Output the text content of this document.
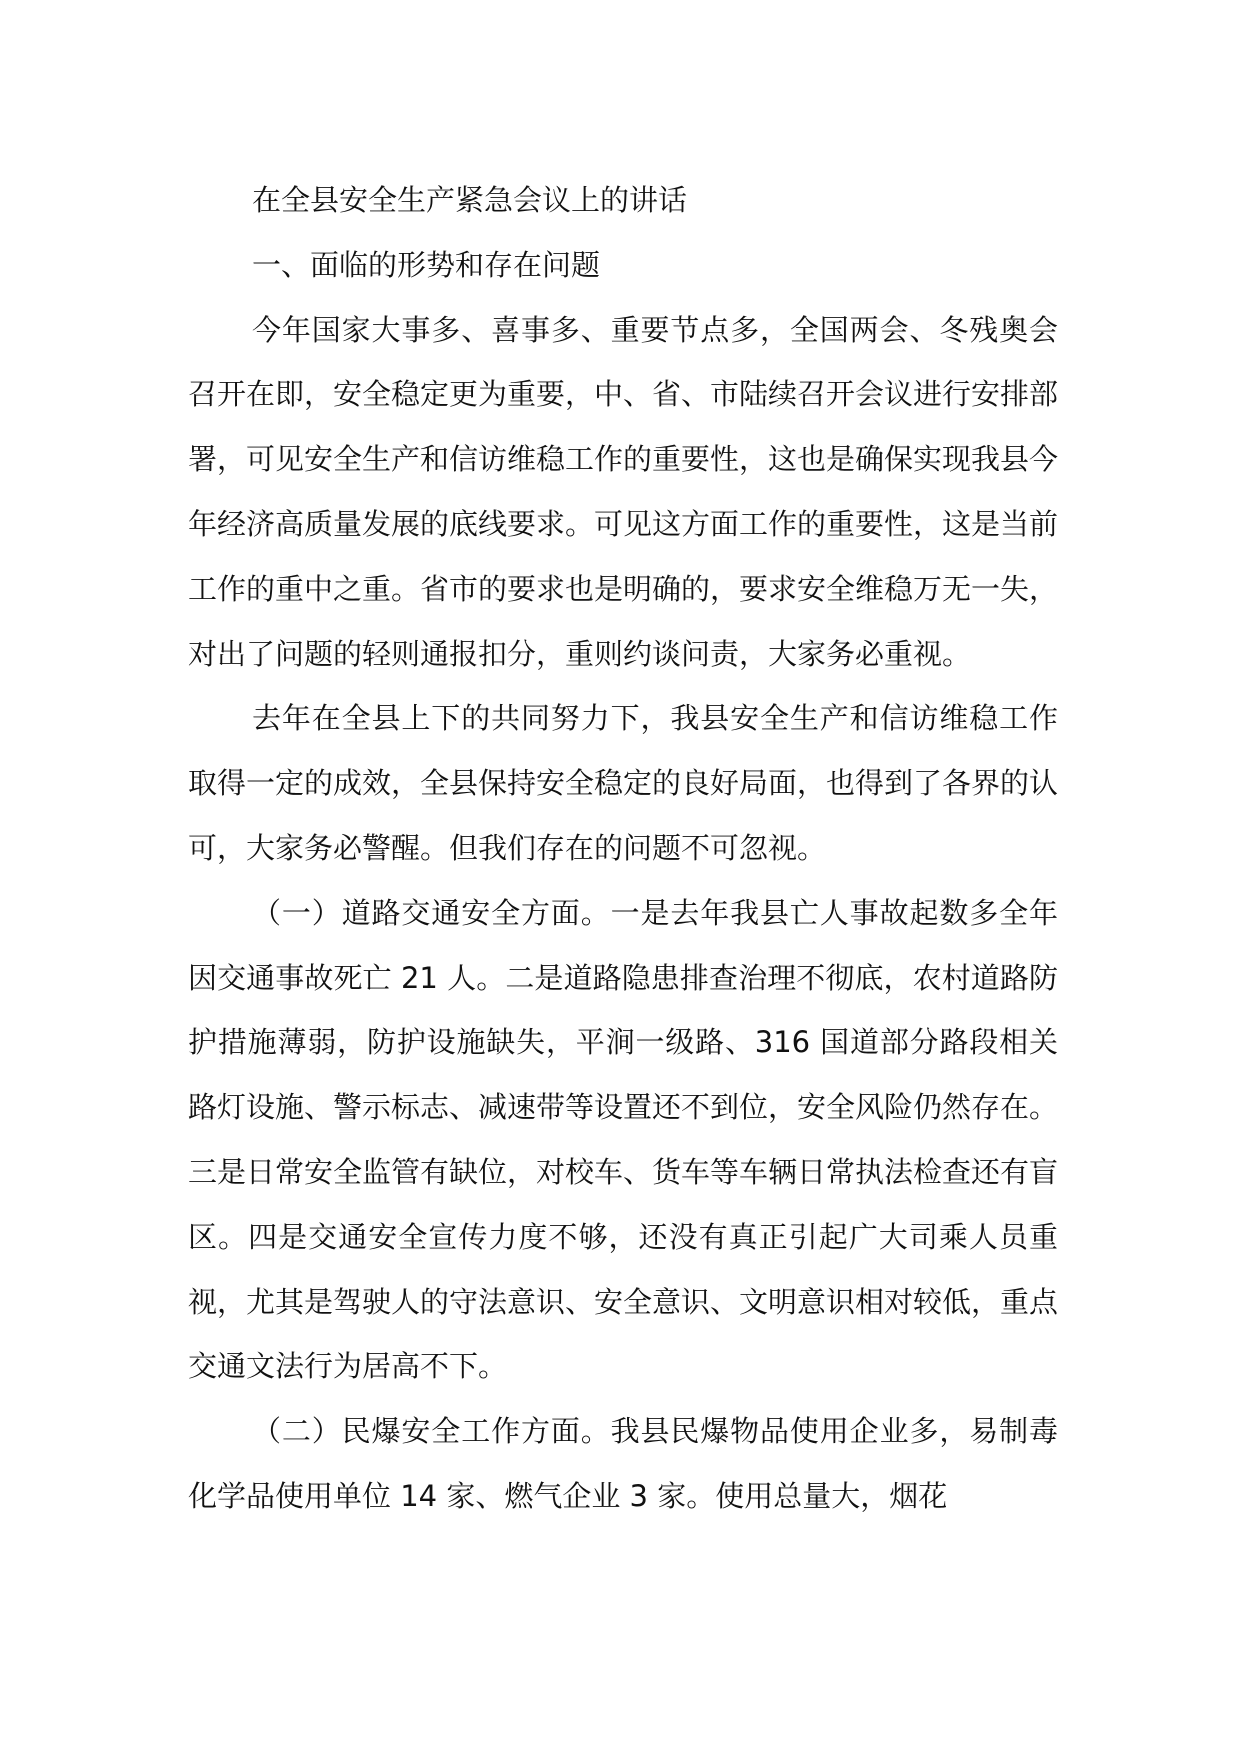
在全县安全生产紧急会议上的讲话

一、面临的形势和存在问题

今年国家大事多、喜事多、重要节点多，全国两会、冬残奥会召开在即，安全稳定更为重要，中、省、市陆续召开会议进行安排部署，可见安全生产和信访维稳工作的重要性，这也是确保实现我县今年经济高质量发展的底线要求。可见这方面工作的重要性，这是当前工作的重中之重。省市的要求也是明确的，要求安全维稳万无一失，对出了问题的轻则通报扣分，重则约谈问责，大家务必重视。

去年在全县上下的共同努力下，我县安全生产和信访维稳工作取得一定的成效，全县保持安全稳定的良好局面，也得到了各界的认可，大家务必警醒。但我们存在的问题不可忽视。

（一）道路交通安全方面。一是去年我县亡人事故起数多全年因交通事故死亡 21 人。二是道路隐患排查治理不彻底，农村道路防护措施薄弱，防护设施缺失，平涧一级路、316 国道部分路段相关路灯设施、警示标志、减速带等设置还不到位，安全风险仍然存在。三是日常安全监管有缺位，对校车、货车等车辆日常执法检查还有盲区。四是交通安全宣传力度不够，还没有真正引起广大司乘人员重视，尤其是驾驶人的守法意识、安全意识、文明意识相对较低，重点交通文法行为居高不下。

（二）民爆安全工作方面。我县民爆物品使用企业多，易制毒化学品使用单位 14 家、燃气企业 3 家。使用总量大，烟花
